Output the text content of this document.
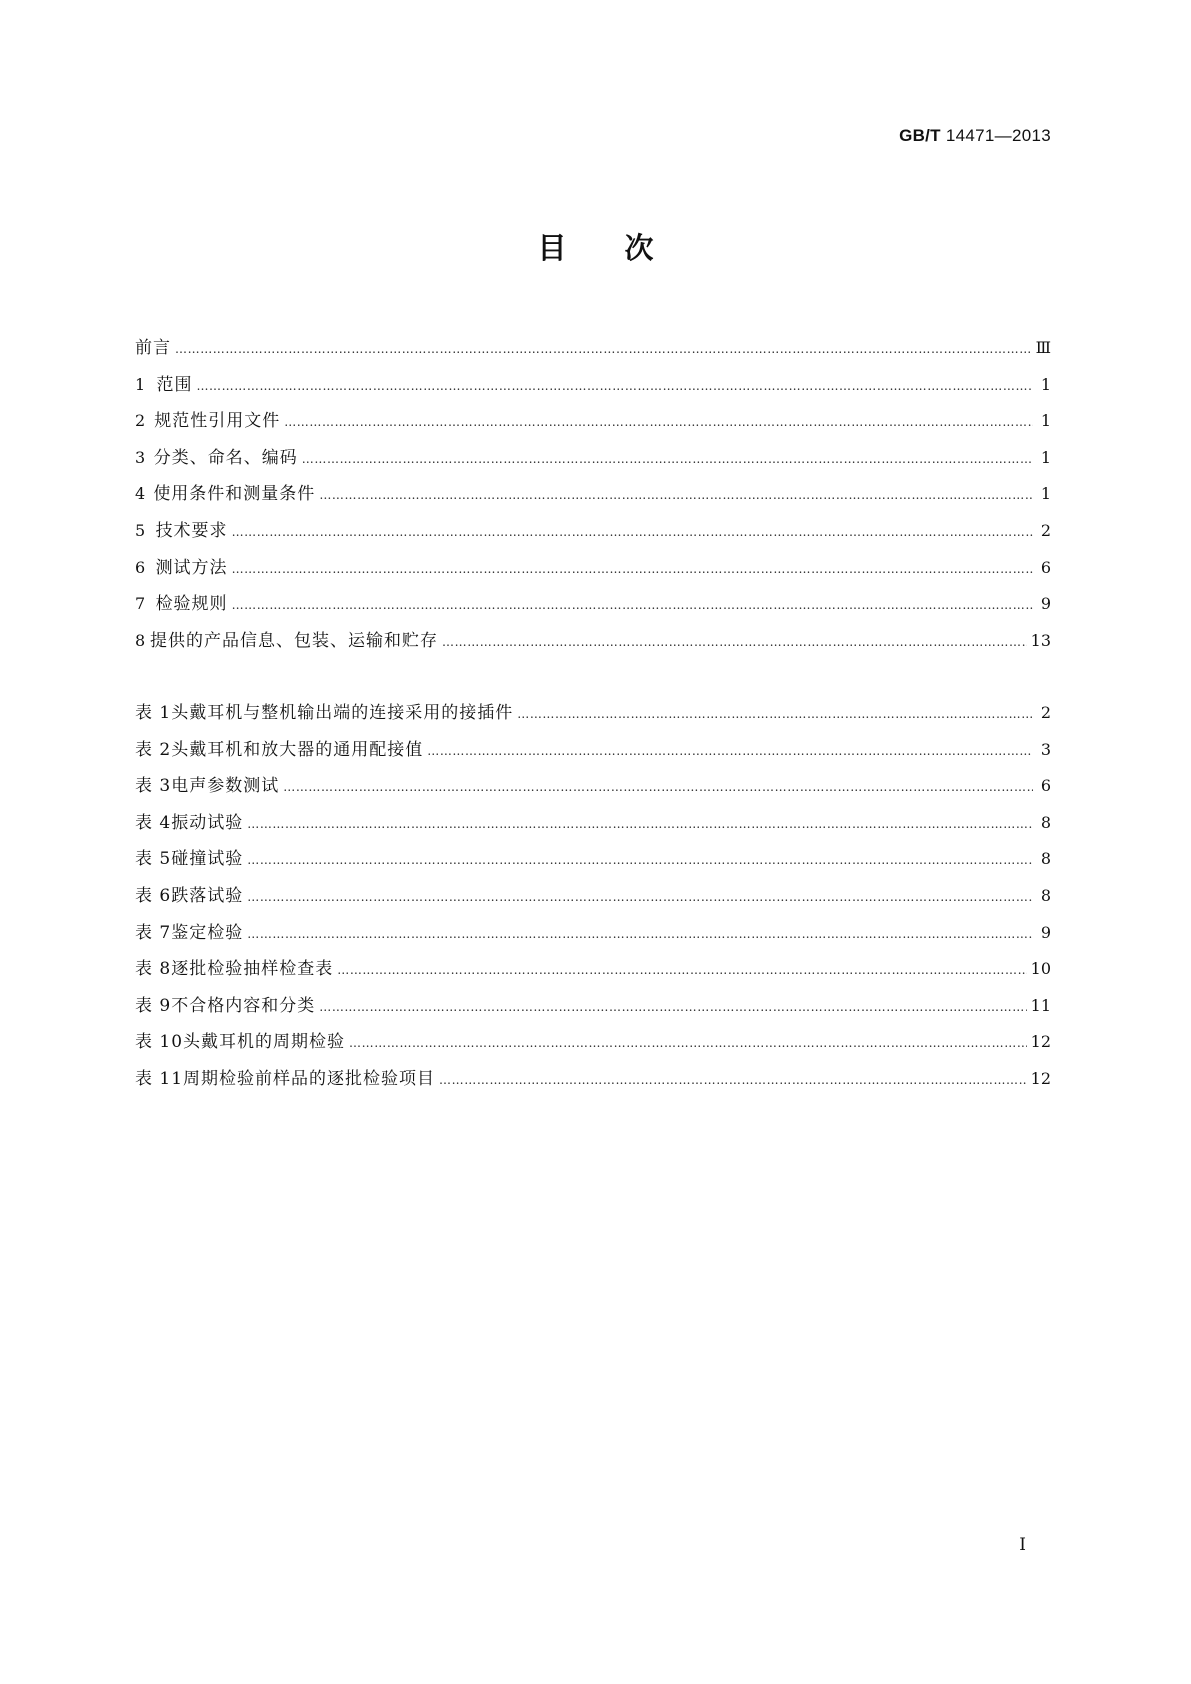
GB/T 14471—2013
目次
前言 ………………………………………………………………………………………………………………………………………………………………………………………………………………………………………………………………………	Ⅲ
1 范围 ………………………………………………………………………………………………………………………………………………………………………………………………………………………………………………………………………	1
2 规范性引用文件 ………………………………………………………………………………………………………………………………………………………………………………………………………………………………………………………………………	1
3 分类、命名、编码 ………………………………………………………………………………………………………………………………………………………………………………………………………………………………………………………………………	1
4 使用条件和测量条件 ………………………………………………………………………………………………………………………………………………………………………………………………………………………………………………………………………	1
5 技术要求 ………………………………………………………………………………………………………………………………………………………………………………………………………………………………………………………………………	2
6 测试方法 ………………………………………………………………………………………………………………………………………………………………………………………………………………………………………………………………………	6
7 检验规则 ………………………………………………………………………………………………………………………………………………………………………………………………………………………………………………………………………	9
8 提供的产品信息、包装、运输和贮存 ………………………………………………………………………………………………………………………………………………………………………………………………………………………………………………………………………	13
表 1 头戴耳机与整机输出端的连接采用的接插件 ………………………………………………………………………………………………………………………………………………………………………………………………………………………………………………………………………	2
表 2 头戴耳机和放大器的通用配接值 ………………………………………………………………………………………………………………………………………………………………………………………………………………………………………………………………………	3
表 3 电声参数测试 ………………………………………………………………………………………………………………………………………………………………………………………………………………………………………………………………………	6
表 4 振动试验 ………………………………………………………………………………………………………………………………………………………………………………………………………………………………………………………………………	8
表 5 碰撞试验 ………………………………………………………………………………………………………………………………………………………………………………………………………………………………………………………………………	8
表 6 跌落试验 ………………………………………………………………………………………………………………………………………………………………………………………………………………………………………………………………………	8
表 7 鉴定检验 ………………………………………………………………………………………………………………………………………………………………………………………………………………………………………………………………………	9
表 8 逐批检验抽样检查表 ………………………………………………………………………………………………………………………………………………………………………………………………………………………………………………………………………	10
表 9 不合格内容和分类 ………………………………………………………………………………………………………………………………………………………………………………………………………………………………………………………………………	11
表 10 头戴耳机的周期检验 ………………………………………………………………………………………………………………………………………………………………………………………………………………………………………………………………………	12
表 11 周期检验前样品的逐批检验项目 ………………………………………………………………………………………………………………………………………………………………………………………………………………………………………………………………………	12
I
